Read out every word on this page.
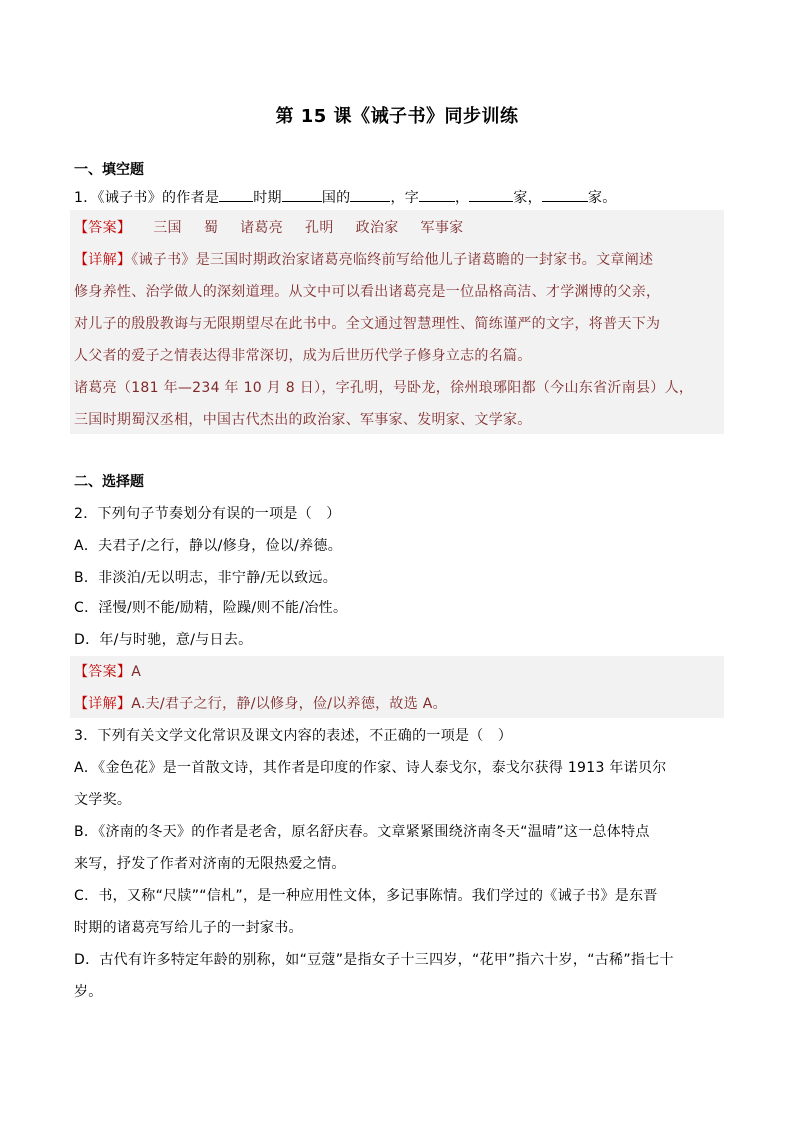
第 15 课《诫子书》同步训练
一、填空题
1．《诫子书》的作者是 时期	国的	，字	，	家，	家。
【答案】 三国 蜀 诸葛亮 孔明 政治家 军事家
【详解】《诫子书》是三国时期政治家诸葛亮临终前写给他儿子诸葛瞻的一封家书。文章阐述
修身养性、治学做人的深刻道理。从文中可以看出诸葛亮是一位品格高洁、才学渊博的父亲，
对儿子的殷殷教诲与无限期望尽在此书中。全文通过智慧理性、简练谨严的文字，将普天下为
人父者的爱子之情表达得非常深切，成为后世历代学子修身立志的名篇。
诸葛亮（181 年—234 年 10 月 8 日），字孔明，号卧龙，徐州琅琊阳都（今山东省沂南县）人，
三国时期蜀汉丞相，中国古代杰出的政治家、军事家、发明家、文学家。
二、选择题
2．下列句子节奏划分有误的一项是（　）
A．夫君子/之行，静以/修身，俭以/养德。
B．非淡泊/无以明志，非宁静/无以致远。
C．淫慢/则不能/励精，险躁/则不能/冶性。
D．年/与时驰，意/与日去。
【答案】A
【详解】A.夫/君子之行，静/以修身，俭/以养德，故选 A。
3．下列有关文学文化常识及课文内容的表述，不正确的一项是（　）
A．《金色花》是一首散文诗，其作者是印度的作家、诗人泰戈尔，泰戈尔获得 1913 年诺贝尔
文学奖。
B．《济南的冬天》的作者是老舍，原名舒庆春。文章紧紧围绕济南冬天“温晴”这一总体特点
来写，抒发了作者对济南的无限热爱之情。
C．书，又称“尺牍”“信札”，是一种应用性文体，多记事陈情。我们学过的《诫子书》是东晋
时期的诸葛亮写给儿子的一封家书。
D．古代有许多特定年龄的别称，如“豆蔻”是指女子十三四岁，“花甲”指六十岁，“古稀”指七十
岁。
